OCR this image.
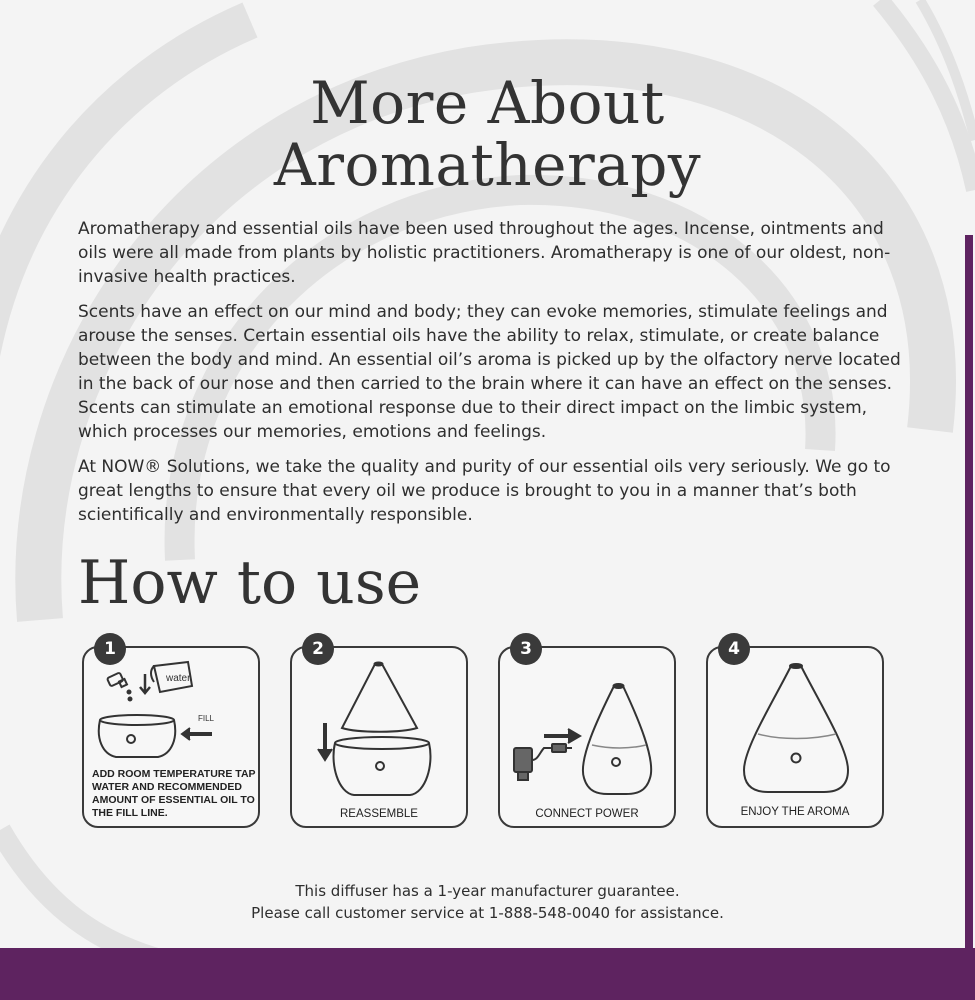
More About
Aromatherapy

Aromatherapy and essential oils have been used throughout the ages. Incense, ointments and oils were all made from plants by holistic practitioners. Aromatherapy is one of our oldest, non-invasive health practices.

Scents have an effect on our mind and body; they can evoke memories, stimulate feelings and arouse the senses. Certain essential oils have the ability to relax, stimulate, or create balance between the body and mind. An essential oil’s aroma is picked up by the olfactory nerve located in the back of our nose and then carried to the brain where it can have an effect on the senses. Scents can stimulate an emotional response due to their direct impact on the limbic system, which processes our memories, emotions and feelings.

At NOW® Solutions, we take the quality and purity of our essential oils very seriously. We go to great lengths to ensure that every oil we produce is brought to you in a manner that’s both scientifically and environmentally responsible.

How to use
1
water
FILL
ADD ROOM TEMPERATURE TAP WATER AND RECOMMENDED AMOUNT OF ESSENTIAL OIL TO THE FILL LINE.
2
REASSEMBLE
3
CONNECT POWER
4
ENJOY THE AROMA
This diffuser has a 1-year manufacturer guarantee.
Please call customer service at 1-888-548-0040 for assistance.
